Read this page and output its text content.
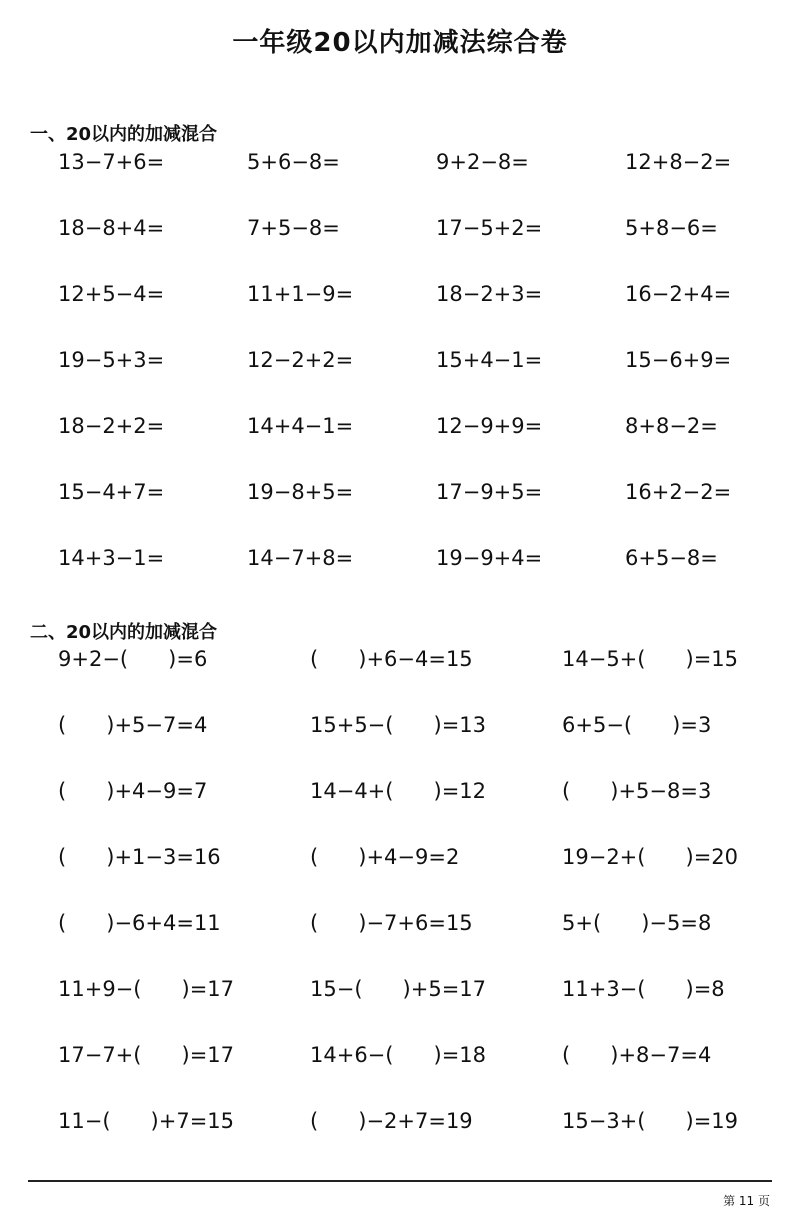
一年级20以内加减法综合卷
一、20以内的加减混合
13−7+6=	5+6−8=	9+2−8=	12+8−2=
18−8+4=	7+5−8=	17−5+2=	5+8−6=
12+5−4=	11+1−9=	18−2+3=	16−2+4=
19−5+3=	12−2+2=	15+4−1=	15−6+9=
18−2+2=	14+4−1=	12−9+9=	8+8−2=
15−4+7=	19−8+5=	17−9+5=	16+2−2=
14+3−1=	14−7+8=	19−9+4=	6+5−8=
二、20以内的加减混合
9+2−(      )=6	(      )+6−4=15	14−5+(      )=15
(      )+5−7=4	15+5−(      )=13	6+5−(      )=3
(      )+4−9=7	14−4+(      )=12	(      )+5−8=3
(      )+1−3=16	(      )+4−9=2	19−2+(      )=20
(      )−6+4=11	(      )−7+6=15	5+(      )−5=8
11+9−(      )=17	15−(      )+5=17	11+3−(      )=8
17−7+(      )=17	14+6−(      )=18	(      )+8−7=4
11−(      )+7=15	(      )−2+7=19	15−3+(      )=19
第 11 页
